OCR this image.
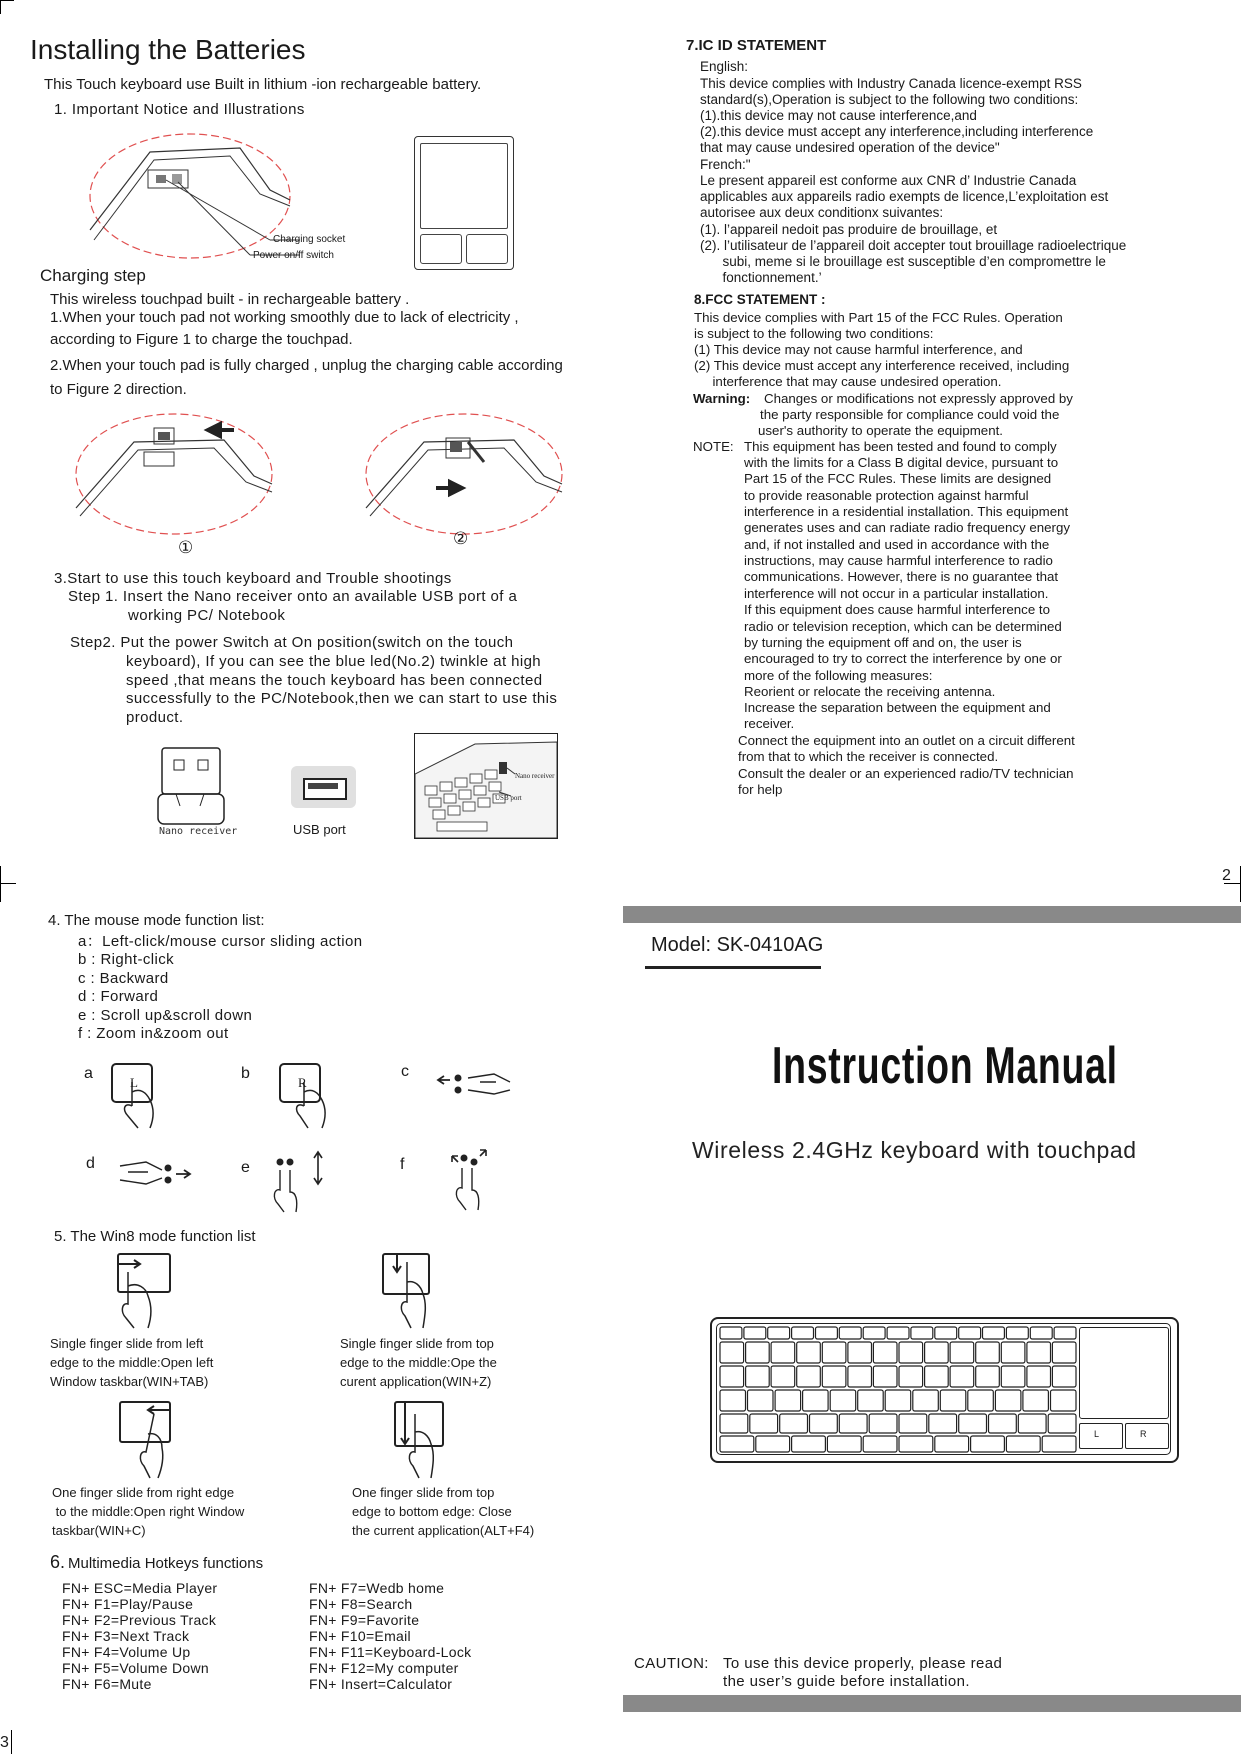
2
3
Installing the Batteries
This Touch keyboard use Built in lithium -ion rechargeable battery.
1. Important Notice and Illustrations
Charging socket
Power on/ff switch
Charging step
This wireless touchpad built - in rechargeable battery .
1.When your touch pad not working smoothly due to lack of electricity ,
according to Figure 1 to charge the touchpad.
2.When your touch pad is fully charged , unplug the charging cable according
to Figure 2 direction.
①	②
3.Start to use this touch keyboard and Trouble shootings
Step 1. Insert the Nano receiver onto an available USB port of a
working PC/ Notebook
Step2. Put the power Switch at On position(switch on the touch
keyboard), If you can see the blue led(No.2) twinkle at high
speed ,that means the touch keyboard has been connected
successfully to the PC/Notebook,then we can start to use this
product.
Nano receiver	USB port
Nano receiver
USB port
7.IC ID STATEMENT
English:
This device complies with Industry Canada licence-exempt RSS
standard(s),Operation is subject to the following two conditions:
(1).this device may not cause interference,and
(2).this device must accept any interference,including interference
that may cause undesired operation of the device"
French:"
Le present appareil est conforme aux CNR d’ Industrie Canada
applicables aux appareils radio exempts de licence,L’exploitation est
autorisee aux deux conditionx suivantes:
(1). l’appareil nedoit pas produire de brouillage, et
(2). l’utilisateur de l’appareil doit accepter tout brouillage radioelectrique
subi, meme si le brouillage est susceptible d’en compromettre le
fonctionnement.’
8.FCC STATEMENT :
This device complies with Part 15 of the FCC Rules. Operation
is subject to the following two conditions:
(1) This device may not cause harmful interference, and
(2) This device must accept any interference received, including
interference that may cause undesired operation.
Warning: Changes or modifications not expressly approved by
the party responsible for compliance could void the
user's authority to operate the equipment.
NOTE: This equipment has been tested and found to comply
with the limits for a Class B digital device, pursuant to
Part 15 of the FCC Rules. These limits are designed
to provide reasonable protection against harmful
interference in a residential installation. This equipment
generates uses and can radiate radio frequency energy
and, if not installed and used in accordance with the
instructions, may cause harmful interference to radio
communications. However, there is no guarantee that
interference will not occur in a particular installation.
If this equipment does cause harmful interference to
radio or television reception, which can be determined
by turning the equipment off and on, the user is
encouraged to try to correct the interference by one or
more of the following measures:
Reorient or relocate the receiving antenna.
Increase the separation between the equipment and
receiver.
Connect the equipment into an outlet on a circuit different
from that to which the receiver is connected.
Consult the dealer or an experienced radio/TV technician
for help
4. The mouse mode function list:
a：Left-click/mouse cursor sliding action
b : Right-click
c : Backward
d : Forward
e : Scroll up&scroll down
f : Zoom in&zoom out
a
L
b
R
c
d	e	f
5. The Win8 mode function list
Single finger slide from left
edge to the middle:Open left
Window taskbar(WIN+TAB)
Single finger slide from top
edge to the middle:Ope the
curent application(WIN+Z)
One finger slide from right edge
to the middle:Open right Window
taskbar(WIN+C)
One finger slide from top
edge to bottom edge: Close
the current application(ALT+F4)
6. Multimedia Hotkeys functions
FN+ ESC=Media Player
FN+ F1=Play/Pause
FN+ F2=Previous Track
FN+ F3=Next Track
FN+ F4=Volume Up
FN+ F5=Volume Down
FN+ F6=Mute
FN+ F7=Wedb home
FN+ F8=Search
FN+ F9=Favorite
FN+ F10=Email
FN+ F11=Keyboard-Lock
FN+ F12=My computer
FN+ Insert=Calculator
Model: SK-0410AG
Instruction Manual
Wireless 2.4GHz keyboard with touchpad
L	R
CAUTION: To use this device properly, please read
the user’s guide before installation.
